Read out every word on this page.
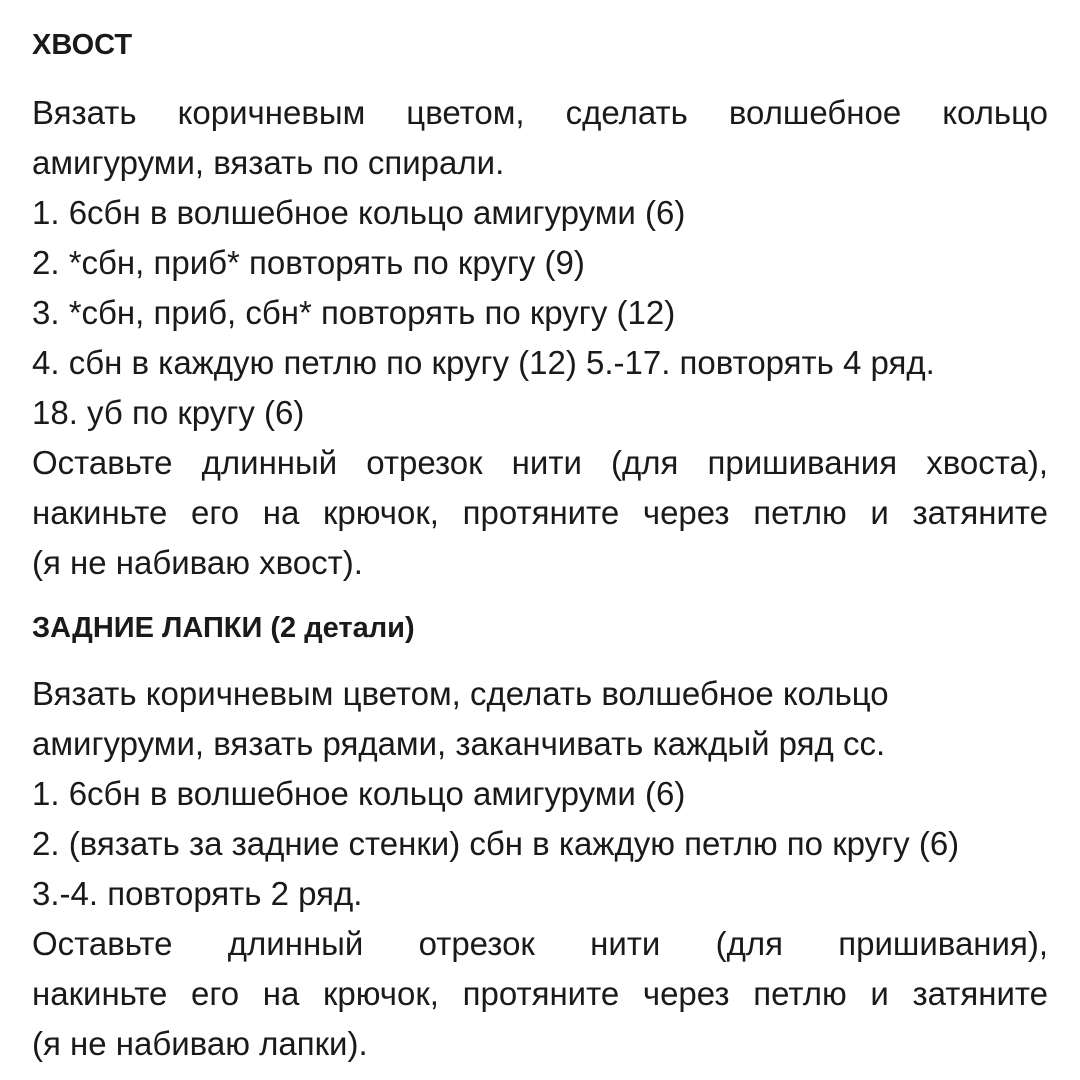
ХВОСТ
Вязать коричневым цветом, сделать волшебное кольцо
амигуруми, вязать по спирали.
1. 6сбн в волшебное кольцо амигуруми (6)
2. *сбн, приб* повторять по кругу (9)
3. *сбн, приб, сбн* повторять по кругу (12)
4. сбн в каждую петлю по кругу (12) 5.-17. повторять 4 ряд.
18. уб по кругу (6)
Оставьте длинный отрезок нити (для пришивания хвоста),
накиньте его на крючок, протяните через петлю и затяните
(я не набиваю хвост).
ЗАДНИЕ ЛАПКИ (2 детали)
Вязать коричневым цветом, сделать волшебное кольцо
амигуруми, вязать рядами, заканчивать каждый ряд сс.
1. 6сбн в волшебное кольцо амигуруми (6)
2. (вязать за задние стенки) сбн в каждую петлю по кругу (6)
3.-4. повторять 2 ряд.
Оставьте длинный отрезок нити (для пришивания),
накиньте его на крючок, протяните через петлю и затяните
(я не набиваю лапки).
